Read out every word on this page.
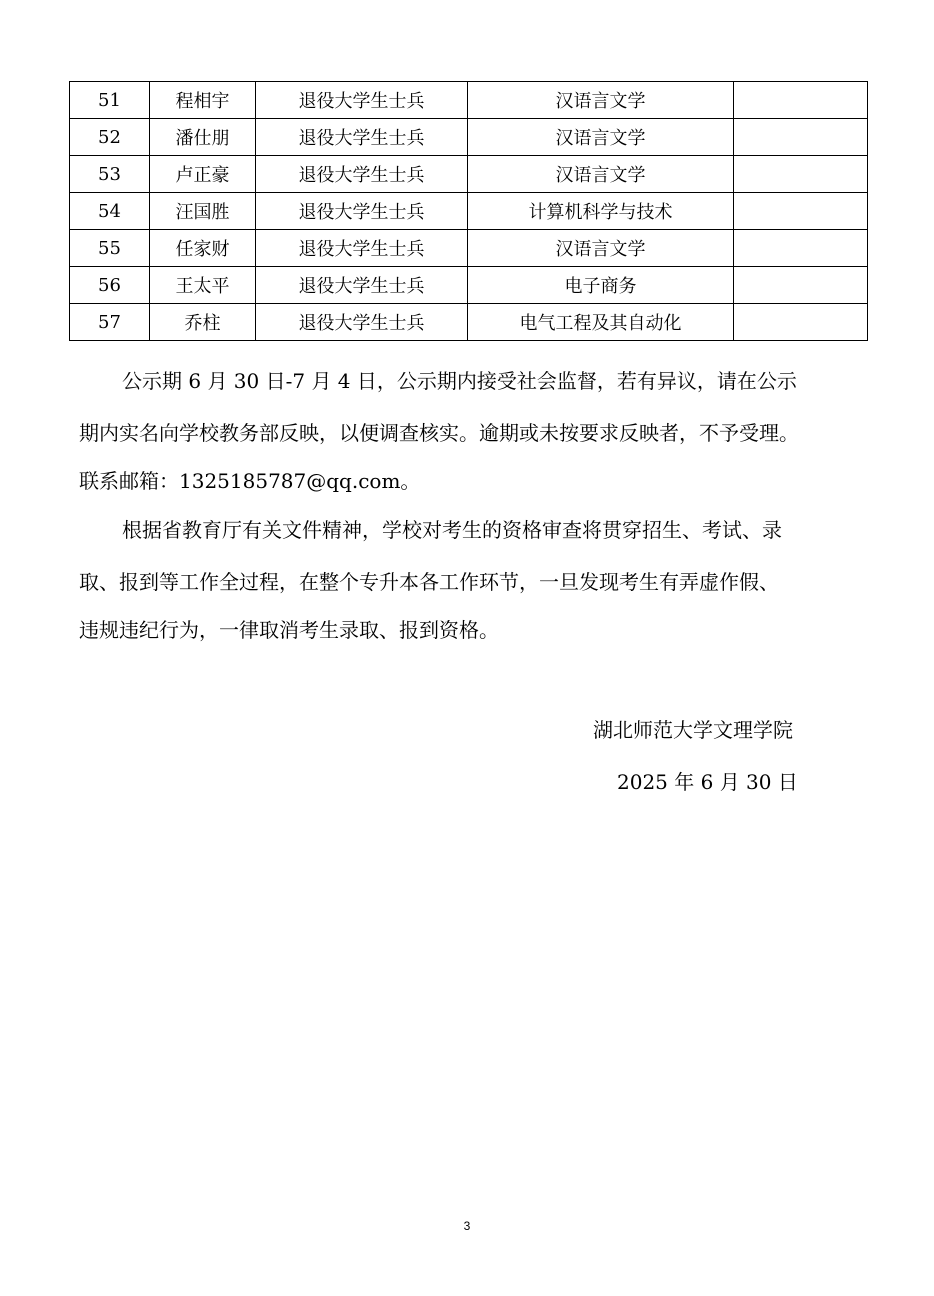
51	程相宇	退役大学生士兵	汉语言文学	
52	潘仕朋	退役大学生士兵	汉语言文学	
53	卢正豪	退役大学生士兵	汉语言文学	
54	汪国胜	退役大学生士兵	计算机科学与技术	
55	任家财	退役大学生士兵	汉语言文学	
56	王太平	退役大学生士兵	电子商务	
57	乔柱	退役大学生士兵	电气工程及其自动化	

公示期 6 月 30 日-7 月 4 日，公示期内接受社会监督，若有异议，请在公示

期内实名向学校教务部反映，以便调查核实。逾期或未按要求反映者，不予受理。

联系邮箱：1325185787@qq.com。

根据省教育厅有关文件精神，学校对考生的资格审查将贯穿招生、考试、录

取、报到等工作全过程，在整个专升本各工作环节，一旦发现考生有弄虚作假、

违规违纪行为，一律取消考生录取、报到资格。

湖北师范大学文理学院
2025 年 6 月 30 日
3
